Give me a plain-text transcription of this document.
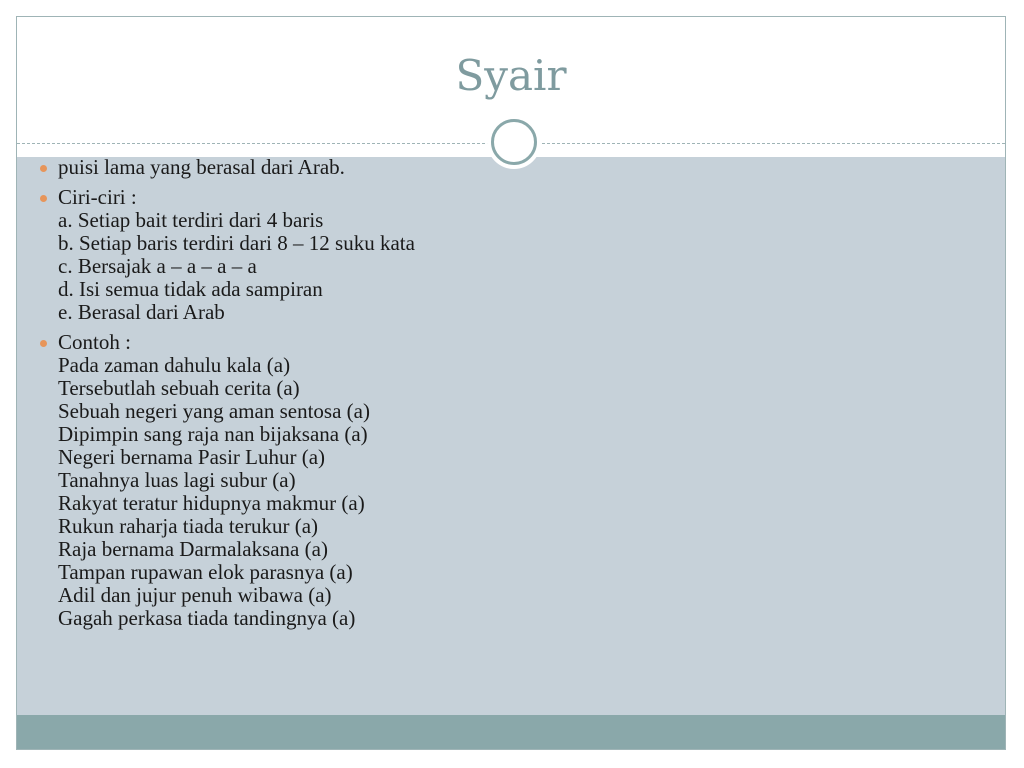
Syair
puisi lama yang berasal dari Arab.
Ciri-ciri :
a. Setiap bait terdiri dari 4 baris
b. Setiap baris terdiri dari 8 – 12 suku kata
c. Bersajak a – a – a – a
d. Isi semua tidak ada sampiran
e. Berasal dari Arab
Contoh :
Pada zaman dahulu kala (a)
Tersebutlah sebuah cerita (a)
Sebuah negeri yang aman sentosa (a)
Dipimpin sang raja nan bijaksana (a)
Negeri bernama Pasir Luhur (a)
Tanahnya luas lagi subur (a)
Rakyat teratur hidupnya makmur (a)
Rukun raharja tiada terukur (a)
Raja bernama Darmalaksana (a)
Tampan rupawan elok parasnya (a)
Adil dan jujur penuh wibawa (a)
Gagah perkasa tiada tandingnya (a)
